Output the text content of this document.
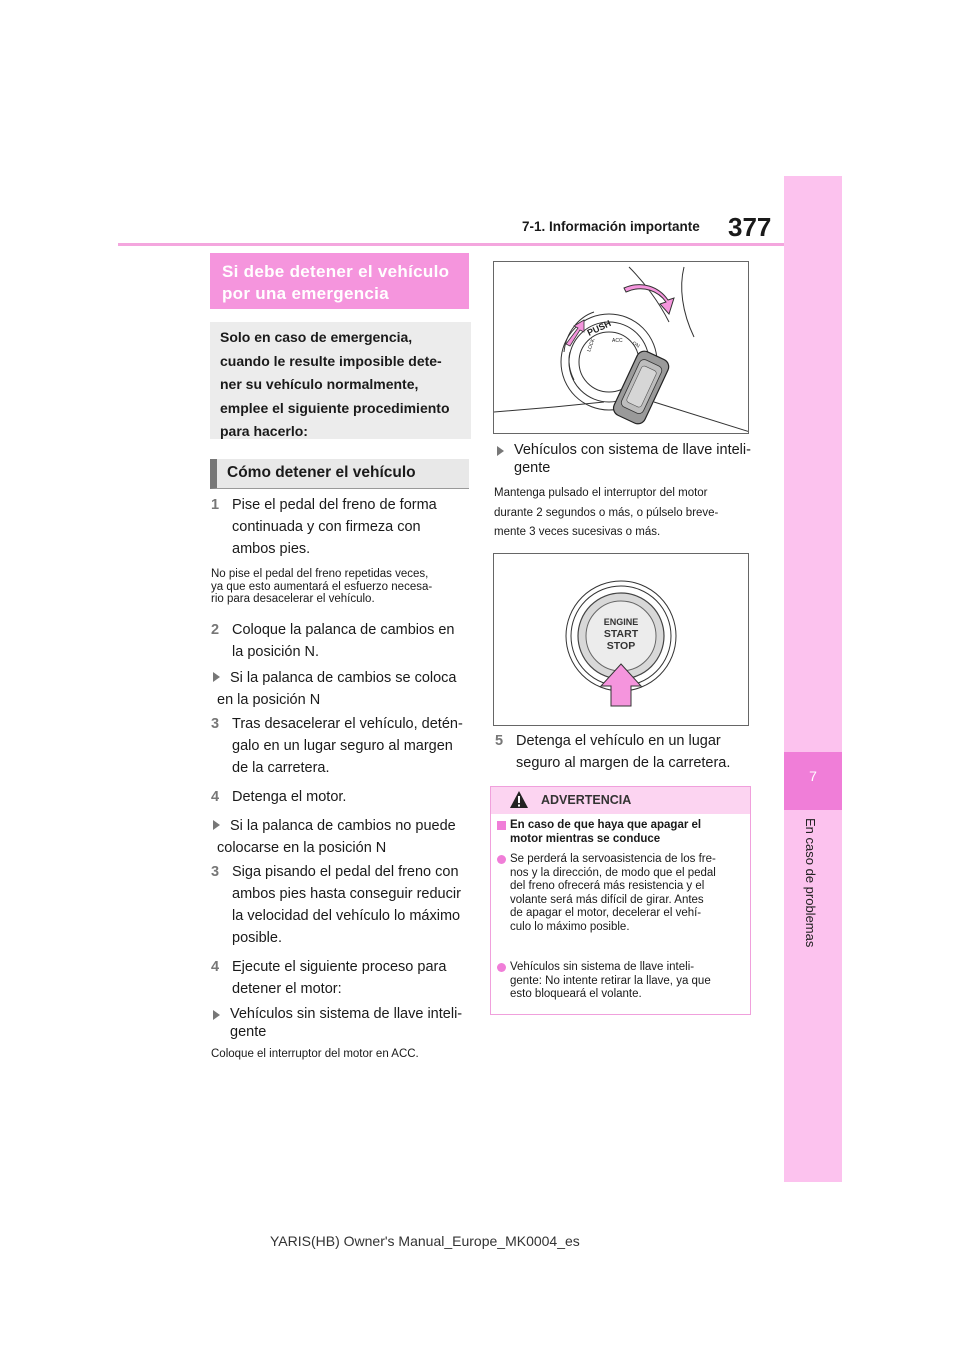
7-1. Información importante 377
7
En caso de problemas
Si debe detener el vehículo por una emergencia
Solo en caso de emergencia,
cuando le resulte imposible dete-
ner su vehículo normalmente,
emplee el siguiente procedimiento
para hacerlo:
Cómo detener el vehículo
1 Pise el pedal del freno de forma
continuada y con firmeza con
ambos pies.
No pise el pedal del freno repetidas veces,
ya que esto aumentará el esfuerzo necesa-
rio para desacelerar el vehículo.
2 Coloque la palanca de cambios en
la posición N.
Si la palanca de cambios se coloca
en la posición N
3 Tras desacelerar el vehículo, detén-
galo en un lugar seguro al margen
de la carretera.
4 Detenga el motor.
Si la palanca de cambios no puede
colocarse en la posición N
3 Siga pisando el pedal del freno con
ambos pies hasta conseguir reducir
la velocidad del vehículo lo máximo
posible.
4 Ejecute el siguiente proceso para
detener el motor:
Vehículos sin sistema de llave inteli-
gente
Coloque el interruptor del motor en ACC.
PUSH
LOCK	ACC ON
Vehículos con sistema de llave inteli-
gente
Mantenga pulsado el interruptor del motor
durante 2 segundos o más, o púlselo breve-
mente 3 veces sucesivas o más.
ENGINE
START
STOP
5 Detenga el vehículo en un lugar
seguro al margen de la carretera.
ADVERTENCIA
En caso de que haya que apagar el
motor mientras se conduce
Se perderá la servoasistencia de los fre-
nos y la dirección, de modo que el pedal
del freno ofrecerá más resistencia y el
volante será más difícil de girar. Antes
de apagar el motor, decelerar el vehí-
culo lo máximo posible.
Vehículos sin sistema de llave inteli-
gente: No intente retirar la llave, ya que
esto bloqueará el volante.
YARIS(HB) Owner's Manual_Europe_MK0004_es
